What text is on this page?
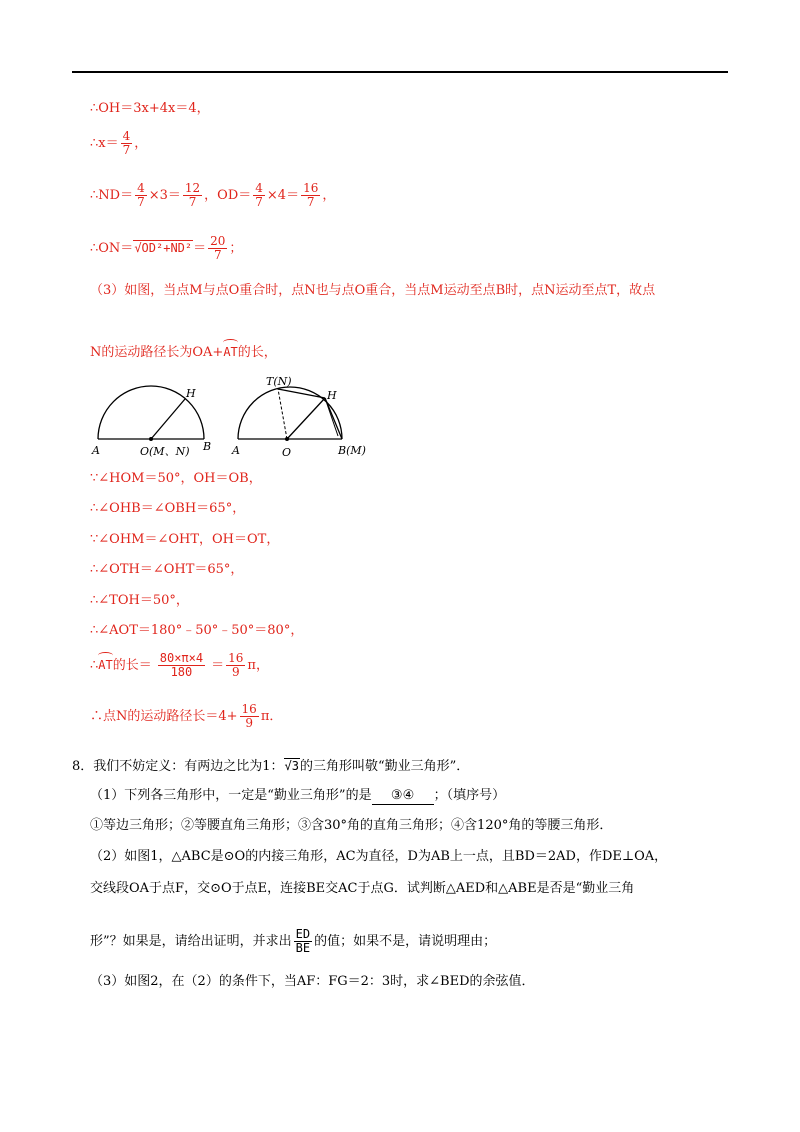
∴OH＝3x+4x＝4，
∴x＝ $\frac{4}{7}$ ，
∴ND＝ $\frac{4}{7} \times 3= \frac{12}{7}$ ，$OD= \frac{4}{7} \times 4= \frac{16}{7}$ ，
∴ON＝√OD²+ND²＝ $\frac{20}{7}$ ；
（3）如图，当点M与点O重合时，点N也与点O重合，当点M运动至点B时，点N运动至点T，故点
N的运动路径长为OA+AT的长，
A	O(M、N) B
H
A	O	B(M)
H
T(N)
∵∠HOM＝50°，OH＝OB，
∴∠OHB＝∠OBH＝65°，
∵∠OHM＝∠OHT，OH＝OT，
∴∠OTH＝∠OHT＝65°，
∴∠TOH＝50°，
∴∠AOT＝180°﹣50°﹣50°＝80°，
∴AT的长＝ $\frac{80\times\pi\times 4}{180} = \frac{16}{9}$ π，
∴点N的运动路径长$=4+ \frac{16}{9}$ π．
8．我们不妨定义：有两边之比为1：√3的三角形叫敬“勤业三角形”．
（1）下列各三角形中，一定是“勤业三角形”的是 ③④ ；（填序号）
①等边三角形；②等腰直角三角形；③含30°角的直角三角形；④含120°角的等腰三角形．
（2）如图1，△ABC是⊙O的内接三角形，AC为直径，D为AB上一点，且BD＝2AD，作DE⊥OA，
交线段OA于点F，交⊙O于点E，连接BE交AC于点G．试判断△AED和△ABE是否是“勤业三角
形”？如果是，请给出证明，并求出 $\frac{ED}{BE}$ 的值；如果不是，请说明理由；
（3）如图2，在（2）的条件下，当AF：FG＝2：3时，求∠BED的余弦值．
